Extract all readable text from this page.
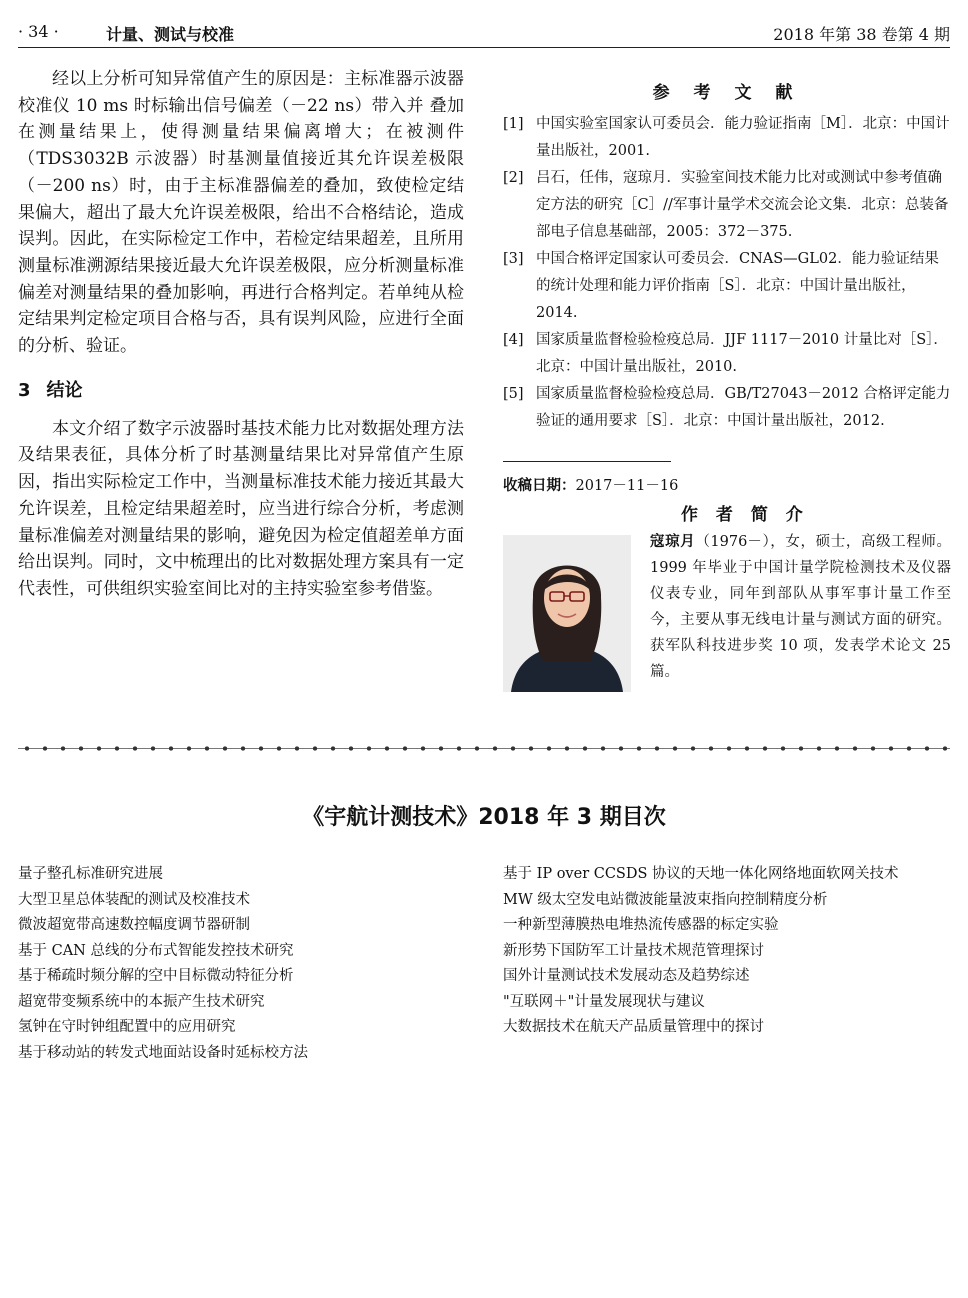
· 34 ·	计量、测试与校准	2018 年第 38 卷第 4 期

经以上分析可知异常值产生的原因是：主标准器示波器校准仪 10 ms 时标输出信号偏差（－22 ns）带入并 叠加在测量结果上，使得测量结果偏离增大；在被测件（TDS3032B 示波器）时基测量值接近其允许误差极限（－200 ns）时，由于主标准器偏差的叠加，致使检定结果偏大，超出了最大允许误差极限，给出不合格结论，造成误判。因此，在实际检定工作中，若检定结果超差，且所用测量标准溯源结果接近最大允许误差极限，应分析测量标准偏差对测量结果的叠加影响，再进行合格判定。若单纯从检定结果判定检定项目合格与否，具有误判风险，应进行全面的分析、验证。

3 结论

本文介绍了数字示波器时基技术能力比对数据处理方法及结果表征，具体分析了时基测量结果比对异常值产生原因，指出实际检定工作中，当测量标准技术能力接近其最大允许误差，且检定结果超差时，应当进行综合分析，考虑测量标准偏差对测量结果的影响，避免因为检定值超差单方面给出误判。同时，文中梳理出的比对数据处理方案具有一定代表性，可供组织实验室间比对的主持实验室参考借鉴。

参 考 文 献

[1] 中国实验室国家认可委员会．能力验证指南［M］．北京：中国计量出版社，2001.

[2] 吕石，任伟，寇琼月．实验室间技术能力比对或测试中参考值确定方法的研究［C］//军事计量学术交流会论文集．北京：总装备部电子信息基础部，2005：372－375.

[3] 中国合格评定国家认可委员会．CNAS—GL02．能力验证结果的统计处理和能力评价指南［S］．北京：中国计量出版社，2014.

[4] 国家质量监督检验检疫总局．JJF 1117－2010 计量比对［S］．北京：中国计量出版社，2010.

[5] 国家质量监督检验检疫总局．GB/T27043－2012 合格评定能力验证的通用要求［S］．北京：中国计量出版社，2012.

收稿日期：2017－11－16
作 者 简 介
寇琼月（1976－），女，硕士，高级工程师。1999 年毕业于中国计量学院检测技术及仪器仪表专业，同年到部队从事军事计量工作至今，主要从事无线电计量与测试方面的研究。获军队科技进步奖 10 项，发表学术论文 25 篇。
《宇航计测技术》2018 年 3 期目次

量子整孔标准研究进展

大型卫星总体装配的测试及校准技术

微波超宽带高速数控幅度调节器研制

基于 CAN 总线的分布式智能发控技术研究

基于稀疏时频分解的空中目标微动特征分析

超宽带变频系统中的本振产生技术研究

氢钟在守时钟组配置中的应用研究

基于移动站的转发式地面站设备时延标校方法

基于 IP over CCSDS 协议的天地一体化网络地面软网关技术

MW 级太空发电站微波能量波束指向控制精度分析

一种新型薄膜热电堆热流传感器的标定实验

新形势下国防军工计量技术规范管理探讨

国外计量测试技术发展动态及趋势综述

"互联网＋"计量发展现状与建议

大数据技术在航天产品质量管理中的探讨
